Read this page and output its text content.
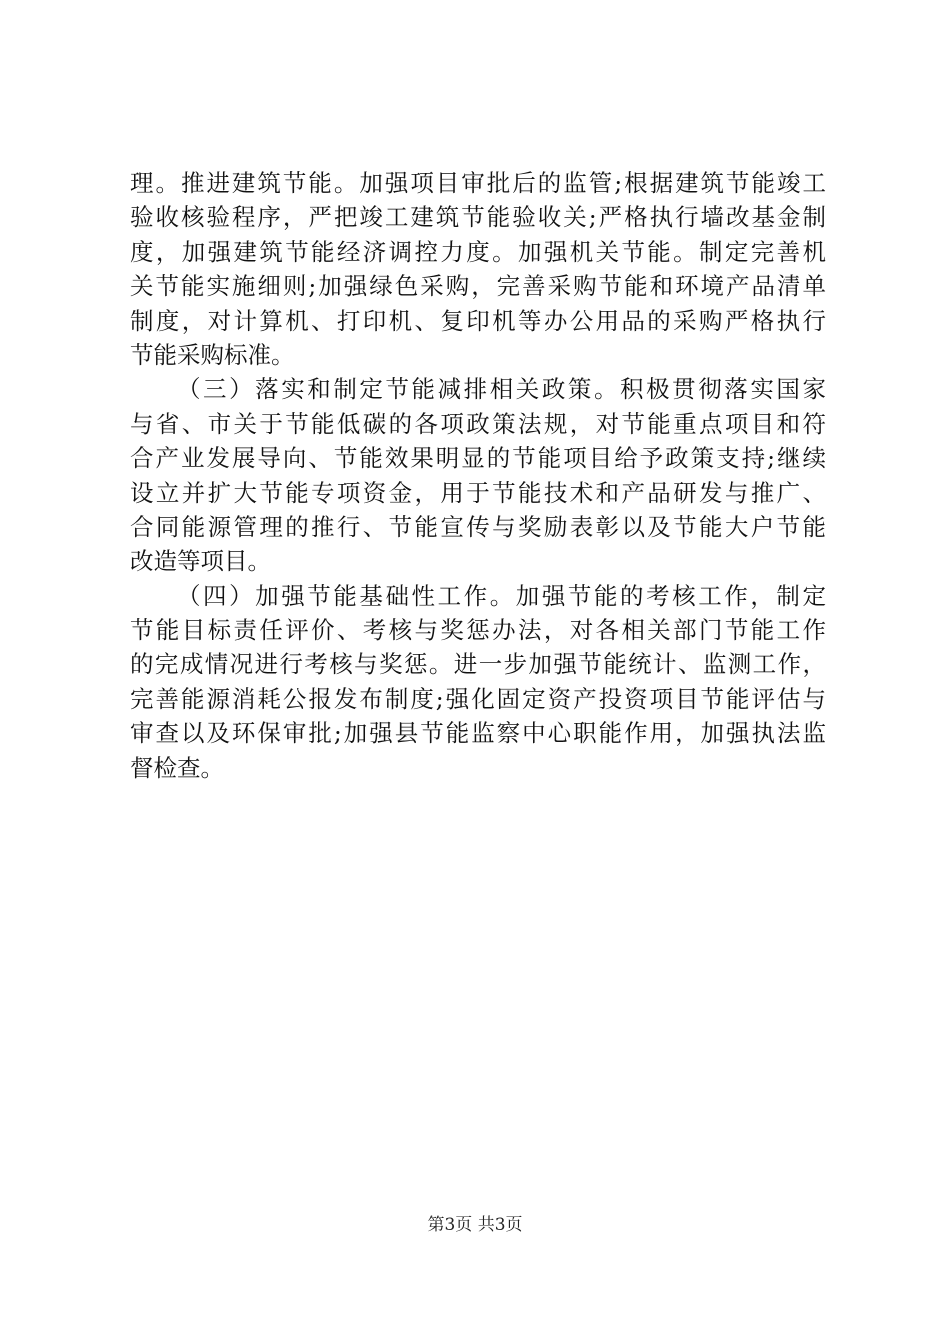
理。推进建筑节能。加强项目审批后的监管;根据建筑节能竣工
验收核验程序，严把竣工建筑节能验收关;严格执行墙改基金制
度，加强建筑节能经济调控力度。加强机关节能。制定完善机
关节能实施细则;加强绿色采购，完善采购节能和环境产品清单
制度，对计算机、打印机、复印机等办公用品的采购严格执行
节能采购标准。
（三）落实和制定节能减排相关政策。积极贯彻落实国家
与省、市关于节能低碳的各项政策法规，对节能重点项目和符
合产业发展导向、节能效果明显的节能项目给予政策支持;继续
设立并扩大节能专项资金，用于节能技术和产品研发与推广、
合同能源管理的推行、节能宣传与奖励表彰以及节能大户节能
改造等项目。
（四）加强节能基础性工作。加强节能的考核工作，制定
节能目标责任评价、考核与奖惩办法，对各相关部门节能工作
的完成情况进行考核与奖惩。进一步加强节能统计、监测工作，
完善能源消耗公报发布制度;强化固定资产投资项目节能评估与
审查以及环保审批;加强县节能监察中心职能作用，加强执法监
督检查。
第3页 共3页
